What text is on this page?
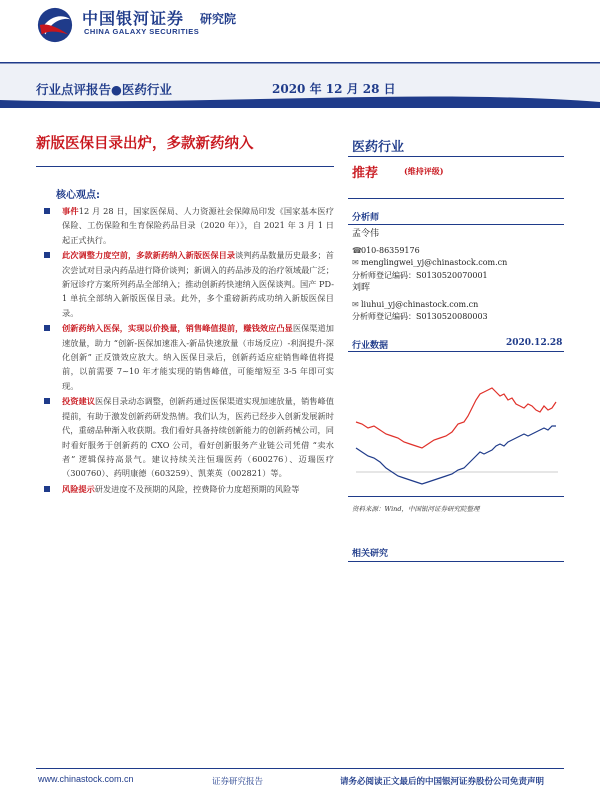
中国银河证券
CHINA GALAXY SECURITIES
研究院
行业点评报告●医药行业	2020 年 12 月 28 日
新版医保目录出炉，多款新药纳入	医药行业
推荐	(维持评级)
分析师
孟令伟
☎010-86359176
✉ menglingwei_yj@chinastock.com.cn
分析师登记编码：S0130520070001
刘晖
✉ liuhui_yj@chinastock.com.cn
分析师登记编码：S0130520080003
行业数据	2020.12.28
资料来源：Wind，中国银河证券研究院整理
相关研究
核心观点:
事件12 月 28 日，国家医保局、人力资源社会保障局印发《国家基本医疗保险、工伤保险和生育保险药品目录（2020 年）》，自 2021 年 3 月 1 日起正式执行。
此次调整力度空前，多款新药纳入新版医保目录谈判药品数量历史最多；首次尝试对目录内药品进行降价谈判；新调入的药品涉及的治疗领域最广泛；新冠诊疗方案所列药品全部纳入；推动创新药快速纳入医保谈判。国产 PD-1 单抗全部纳入新版医保目录。此外，多个重磅新药成功纳入新版医保目录。
创新药纳入医保，实现以价换量，销售峰值提前，赚钱效应凸显医保渠道加速放量，助力 “创新-医保加速准入-新品快速放量（市场反应）-利润提升-深化创新” 正反馈效应放大。纳入医保目录后，创新药适应症销售峰值将提前，以前需要 7~10 年才能实现的销售峰值，可能缩短至 3-5 年即可实现。
投资建议医保目录动态调整，创新药通过医保渠道实现加速放量，销售峰值提前，有助于激发创新药研发热情。我们认为，医药已经步入创新发展新时代，重磅品种渐入收获期。我们看好具备持续创新能力的创新药械公司，同时看好服务于创新药的 CXO 公司，看好创新服务产业链公司凭借 “卖水者” 逻辑保持高景气。建议持续关注恒瑞医药（600276）、迈瑞医疗（300760）、药明康德（603259）、凯莱英（002821）等。
风险提示研发进度不及预期的风险，控费降价力度超预期的风险等
www.chinastock.com.cn	证券研究报告	请务必阅读正文最后的中国银河证券股份公司免责声明
